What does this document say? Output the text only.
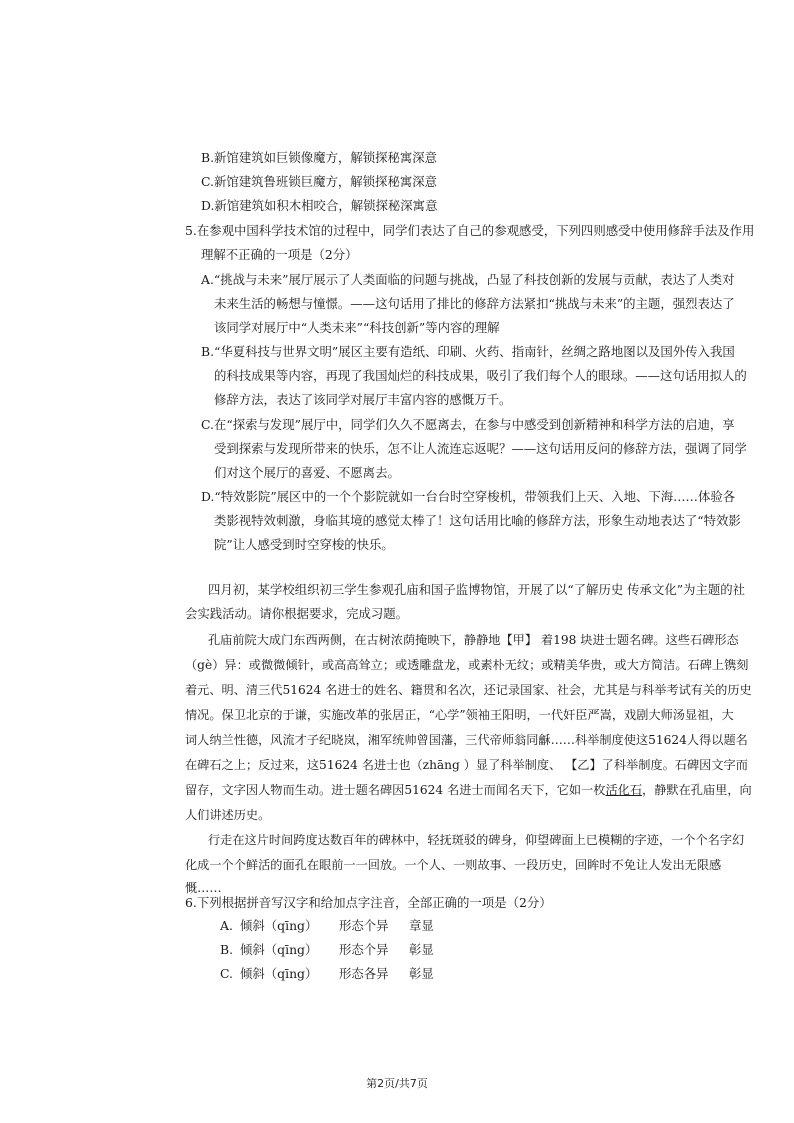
B.新馆建筑如巨锁像魔方，解锁探秘寓深意
C.新馆建筑鲁班锁巨魔方，解锁探秘寓深意
D.新馆建筑如积木相咬合，解锁探秘深寓意
5.在参观中国科学技术馆的过程中，同学们表达了自己的参观感受，下列四则感受中使用修辞手法及作用
理解不正确的一项是（2分）
A.“挑战与未来”展厅展示了人类面临的问题与挑战，凸显了科技创新的发展与贡献，表达了人类对
未来生活的畅想与憧憬。——这句话用了排比的修辞方法紧扣“挑战与未来”的主题，强烈表达了
该同学对展厅中“人类未来”“科技创新”等内容的理解
B.“华夏科技与世界文明”展区主要有造纸、印刷、火药、指南针，丝绸之路地图以及国外传入我国
的科技成果等内容，再现了我国灿烂的科技成果，吸引了我们每个人的眼球。——这句话用拟人的
修辞方法，表达了该同学对展厅丰富内容的感慨万千。
C.在“探索与发现”展厅中，同学们久久不愿离去，在参与中感受到创新精神和科学方法的启迪，享
受到探索与发现所带来的快乐，怎不让人流连忘返呢？——这句话用反问的修辞方法，强调了同学
们对这个展厅的喜爱、不愿离去。
D.“特效影院”展区中的一个个影院就如一台台时空穿梭机，带领我们上天、入地、下海……体验各
类影视特效刺激，身临其境的感觉太棒了！这句话用比喻的修辞方法，形象生动地表达了“特效影
院”让人感受到时空穿梭的快乐。
四月初，某学校组织初三学生参观孔庙和国子监博物馆，开展了以“了解历史 传承文化”为主题的社
会实践活动。请你根据要求，完成习题。
孔庙前院大成门东西两侧，在古树浓荫掩映下，静静地【甲】 着198 块进士题名碑。这些石碑形态
（gè）异：或微微倾针，或高高耸立；或透雕盘龙，或素朴无纹；或精美华贵，或大方简洁。石碑上镌刻
着元、明、清三代51624 名进士的姓名、籍贯和名次，还记录国家、社会，尤其是与科举考试有关的历史
情况。保卫北京的于谦，实施改革的张居正，“心学”领袖王阳明，一代奸臣严嵩，戏剧大师汤显祖，大
词人纳兰性德，风流才子纪晓岚，湘军统帅曾国藩，三代帝师翁同龢……科举制度使这51624人得以题名
在碑石之上；反过来，这51624 名进士也（zhāng ）显了科举制度、 【乙】了科举制度。石碑因文字而
留存，文字因人物而生动。进士题名碑因51624 名进士而闻名天下，它如一枚活化石，静默在孔庙里，向
人们讲述历史。
行走在这片时间跨度达数百年的碑林中，轻抚斑驳的碑身，仰望碑面上已模糊的字迹，一个个名字幻
化成一个个鲜活的面孔在眼前一一回放。一个人、一则故事、一段历史，回眸时不免让人发出无限感
慨……
6.下列根据拼音写汉字和给加点字注音，全部正确的一项是（2分）
A. 倾斜（qīng） 形态个异 章显
B. 倾斜（qīng） 形态个异 彰显
C. 倾斜（qīng） 形态各异 彰显
第2页/共7页
